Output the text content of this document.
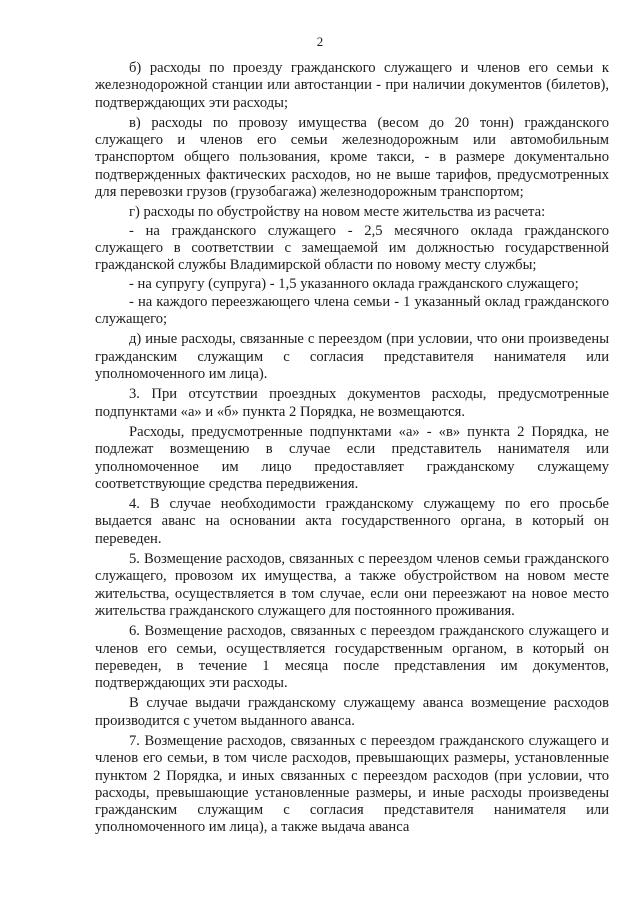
2

б) расходы по проезду гражданского служащего и членов его семьи к железнодорожной станции или автостанции - при наличии документов (билетов), подтверждающих эти расходы;

в) расходы по провозу имущества (весом до 20 тонн) гражданского служащего и членов его семьи железнодорожным или автомобильным транспортом общего пользования, кроме такси, - в размере документально подтвержденных фактических расходов, но не выше тарифов, предусмотренных для перевозки грузов (грузобагажа) железнодорожным транспортом;

г) расходы по обустройству на новом месте жительства из расчета:

- на гражданского служащего - 2,5 месячного оклада гражданского служащего в соответствии с замещаемой им должностью государственной гражданской службы Владимирской области по новому месту службы;

- на супругу (супруга) - 1,5 указанного оклада гражданского служащего;

- на каждого переезжающего члена семьи - 1 указанный оклад гражданского служащего;

д) иные расходы, связанные с переездом (при условии, что они произведены гражданским служащим с согласия представителя нанимателя или уполномоченного им лица).

3. При отсутствии проездных документов расходы, предусмотренные подпунктами «а» и «б» пункта 2 Порядка, не возмещаются.

Расходы, предусмотренные подпунктами «а» - «в» пункта 2 Порядка, не подлежат возмещению в случае если представитель нанимателя или уполномоченное им лицо предоставляет гражданскому служащему соответствующие средства передвижения.

4. В случае необходимости гражданскому служащему по его просьбе выдается аванс на основании акта государственного органа, в который он переведен.

5. Возмещение расходов, связанных с переездом членов семьи гражданского служащего, провозом их имущества, а также обустройством на новом месте жительства, осуществляется в том случае, если они переезжают на новое место жительства гражданского служащего для постоянного проживания.

6. Возмещение расходов, связанных с переездом гражданского служащего и членов его семьи, осуществляется государственным органом, в который он переведен, в течение 1 месяца после представления им документов, подтверждающих эти расходы.

В случае выдачи гражданскому служащему аванса возмещение расходов производится с учетом выданного аванса.

7. Возмещение расходов, связанных с переездом гражданского служащего и членов его семьи, в том числе расходов, превышающих размеры, установленные пунктом 2 Порядка, и иных связанных с переездом расходов (при условии, что расходы, превышающие установленные размеры, и иные расходы произведены гражданским служащим с согласия представителя нанимателя или уполномоченного им лица), а также выдача аванса
